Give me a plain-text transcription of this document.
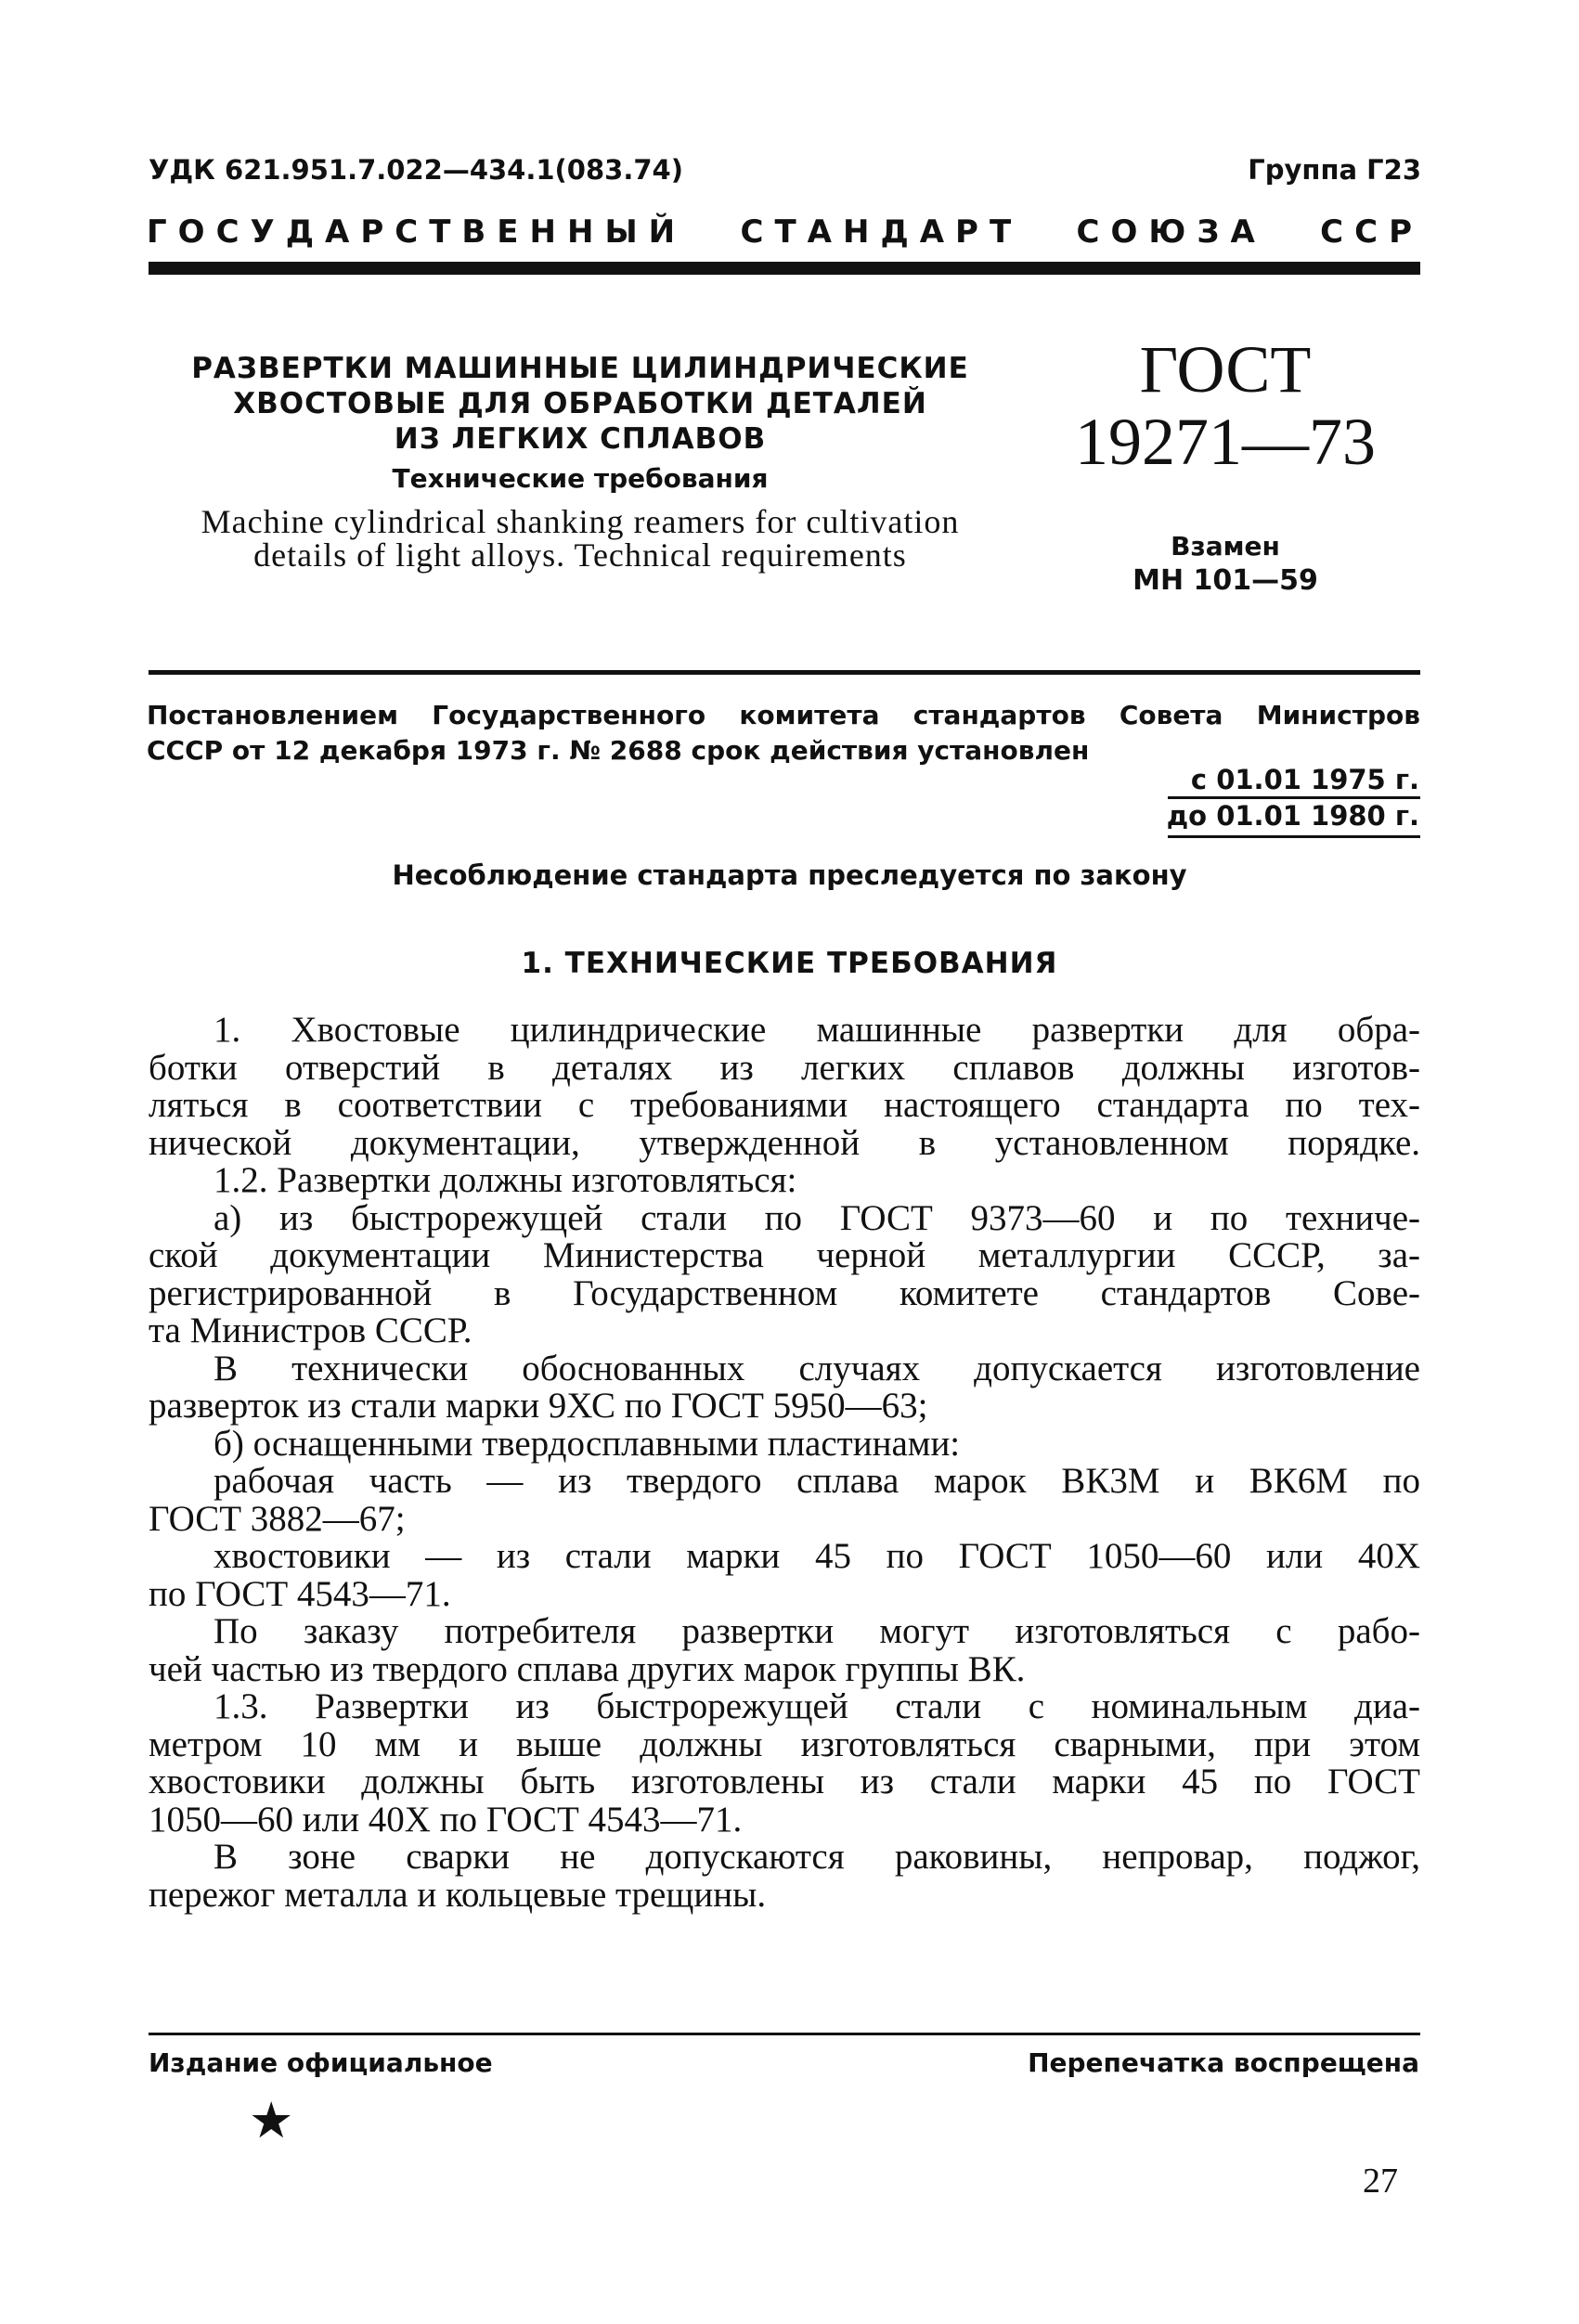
УДК 621.951.7.022—434.1(083.74)	Группа Г23
ГОСУДАРСТВЕННЫЙ СТАНДАРТ СОЮЗА ССР
РАЗВЕРТКИ МАШИННЫЕ ЦИЛИНДРИЧЕСКИЕ
ХВОСТОВЫЕ ДЛЯ ОБРАБОТКИ ДЕТАЛЕЙ
ИЗ ЛЕГКИХ СПЛАВОВ
Технические требования
Machine cylindrical shanking reamers for cultivation
details of light alloys. Technical requirements
ГОСТ
19271—73
Взамен
МН 101—59
Постановлением Государственного комитета стандартов Совета Министров
СССР от 12 декабря 1973 г. № 2688 срок действия установлен
с 01.01 1975 г.
до 01.01 1980 г.
Несоблюдение стандарта преследуется по закону
1. ТЕХНИЧЕСКИЕ ТРЕБОВАНИЯ
1. Хвостовые цилиндрические машинные развертки для обра-
ботки отверстий в деталях из легких сплавов должны изготов-
ляться в соответствии с требованиями настоящего стандарта по тех-
нической документации, утвержденной в установленном порядке.
1.2. Развертки должны изготовляться:
а) из быстрорежущей стали по ГОСТ 9373—60 и по техниче-
ской документации Министерства черной металлургии СССР, за-
регистрированной в Государственном комитете стандартов Сове-
та Министров СССР.
В технически обоснованных случаях допускается изготовление
разверток из стали марки 9ХС по ГОСТ 5950—63;
б) оснащенными твердосплавными пластинами:
рабочая часть — из твердого сплава марок ВК3М и ВК6М по
ГОСТ 3882—67;
хвостовики — из стали марки 45 по ГОСТ 1050—60 или 40Х
по ГОСТ 4543—71.
По заказу потребителя развертки могут изготовляться с рабо-
чей частью из твердого сплава других марок группы ВК.
1.3. Развертки из быстрорежущей стали с номинальным диа-
метром 10 мм и выше должны изготовляться сварными, при этом
хвостовики должны быть изготовлены из стали марки 45 по ГОСТ
1050—60 или 40Х по ГОСТ 4543—71.
В зоне сварки не допускаются раковины, непровар, поджог,
пережог металла и кольцевые трещины.
Издание официальное	Перепечатка воспрещена
★
27
